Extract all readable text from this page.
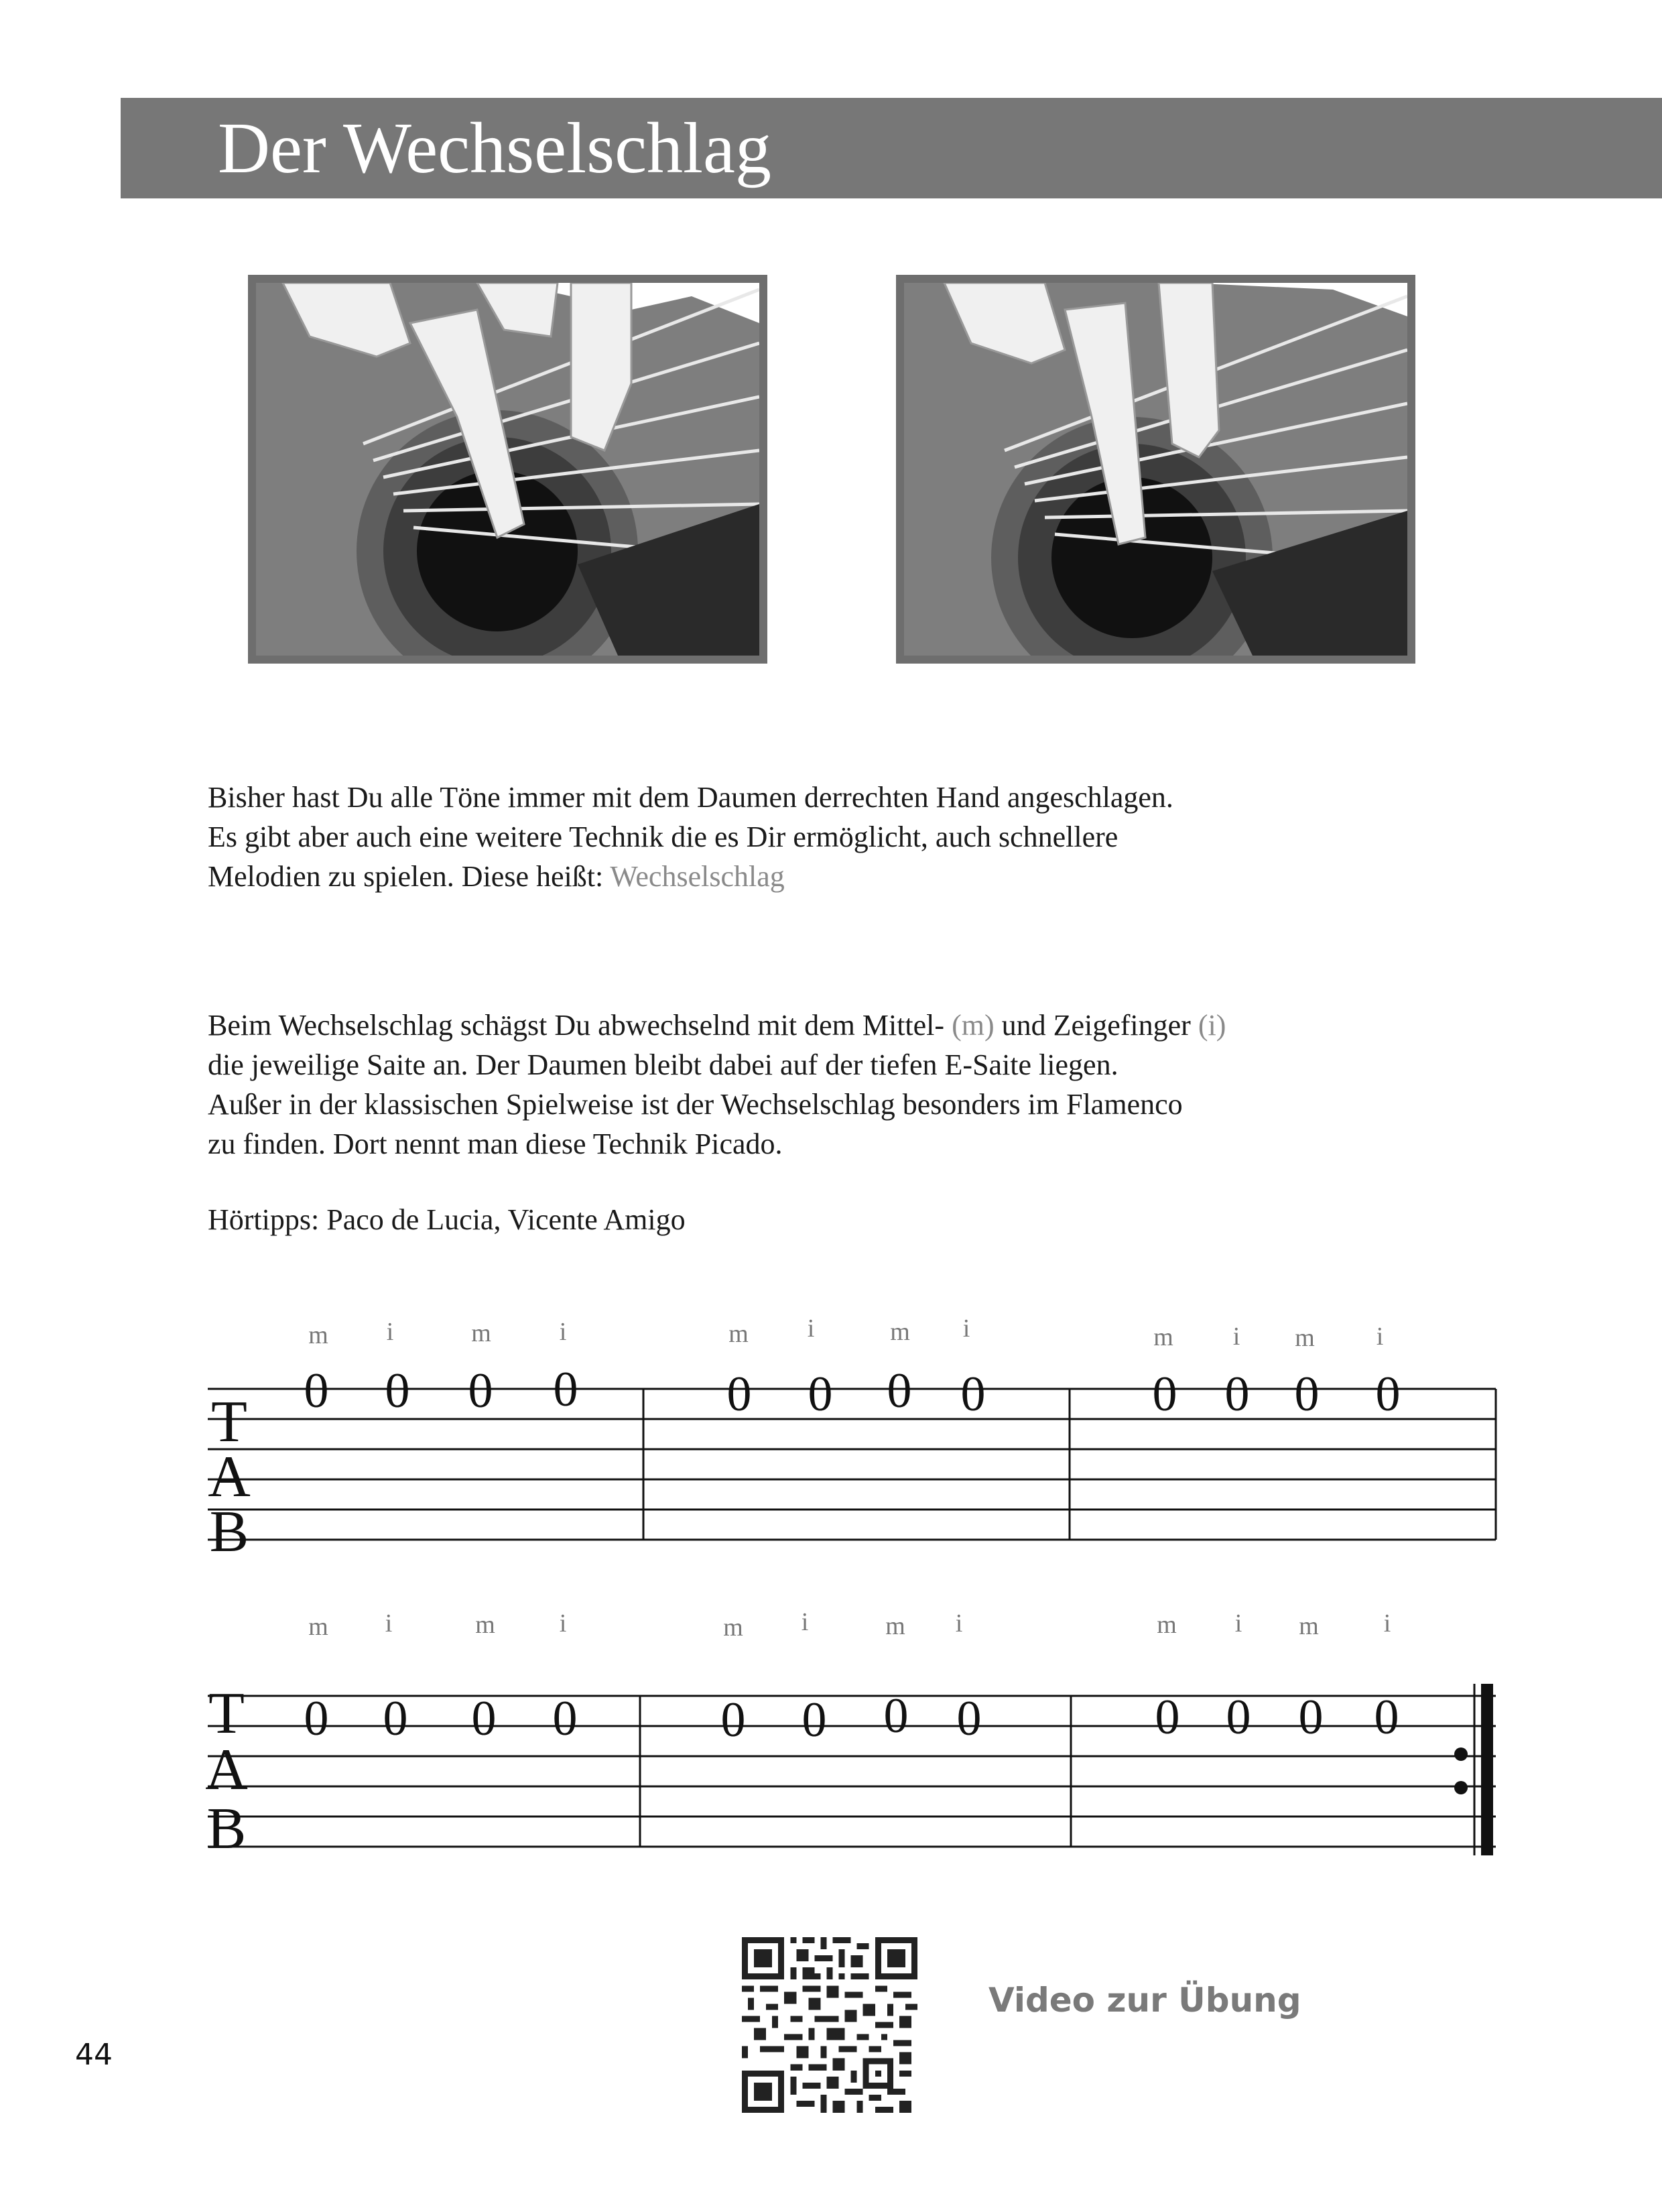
Der Wechselschlag
Bisher hast Du alle Töne immer mit dem Daumen derrechten Hand angeschlagen.
Es gibt aber auch eine weitere Technik die es Dir ermöglicht, auch schnellere
Melodien zu spielen. Diese heißt: Wechselschlag
Beim Wechselschlag schägst Du abwechselnd mit dem Mittel- (m) und Zeigefinger (i)
die jeweilige Saite an. Der Daumen bleibt dabei auf der tiefen E-Saite liegen.
Außer in der klassischen Spielweise ist der Wechselschlag besonders im Flamenco
zu finden. Dort nennt man diese Technik Picado.
Hörtipps: Paco de Lucia, Vicente Amigo
T
A
B
m i	m	i	m i	m i	m i m i
0 0 0 0	0 0 0 0	0 0 0 0
T
A
B
m i	m	i	m i	m i	m i m	i
0 0 0 0	0 0 0 0	0 0 0 0
Video zur Übung
44
